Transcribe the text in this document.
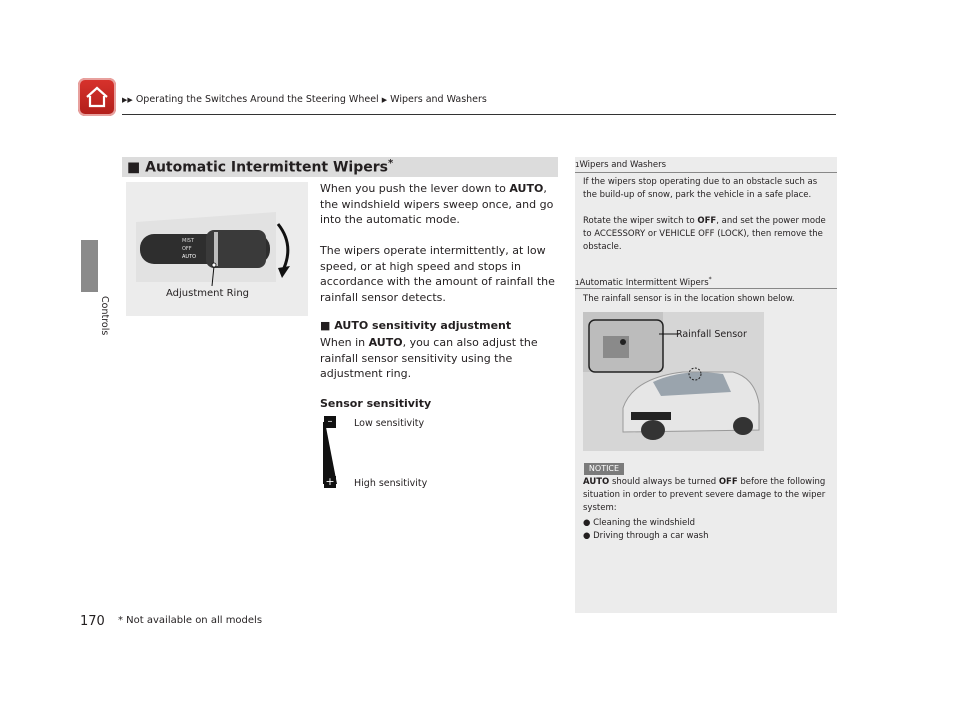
▶▶ Operating the Switches Around the Steering Wheel ▶ Wipers and Washers
Controls
■ Automatic Intermittent Wipers*
MIST
OFF
AUTO
Adjustment Ring
When you push the lever down to AUTO, the windshield wipers sweep once, and go into the automatic mode.
The wipers operate intermittently, at low speed, or at high speed and stops in accordance with the amount of rainfall the rainfall sensor detects.
■ AUTO sensitivity adjustment
When in AUTO, you can also adjust the rainfall sensor sensitivity using the adjustment ring.
Sensor sensitivity
–
+
Low sensitivity
High sensitivity
1Wipers and Washers
If the wipers stop operating due to an obstacle such as the build-up of snow, park the vehicle in a safe place.
Rotate the wiper switch to OFF, and set the power mode to ACCESSORY or VEHICLE OFF (LOCK), then remove the obstacle.
1Automatic Intermittent Wipers*
The rainfall sensor is in the location shown below.
Rainfall Sensor
NOTICE
AUTO should always be turned OFF before the following situation in order to prevent severe damage to the wiper system:
● Cleaning the windshield
● Driving through a car wash
170 * Not available on all models
